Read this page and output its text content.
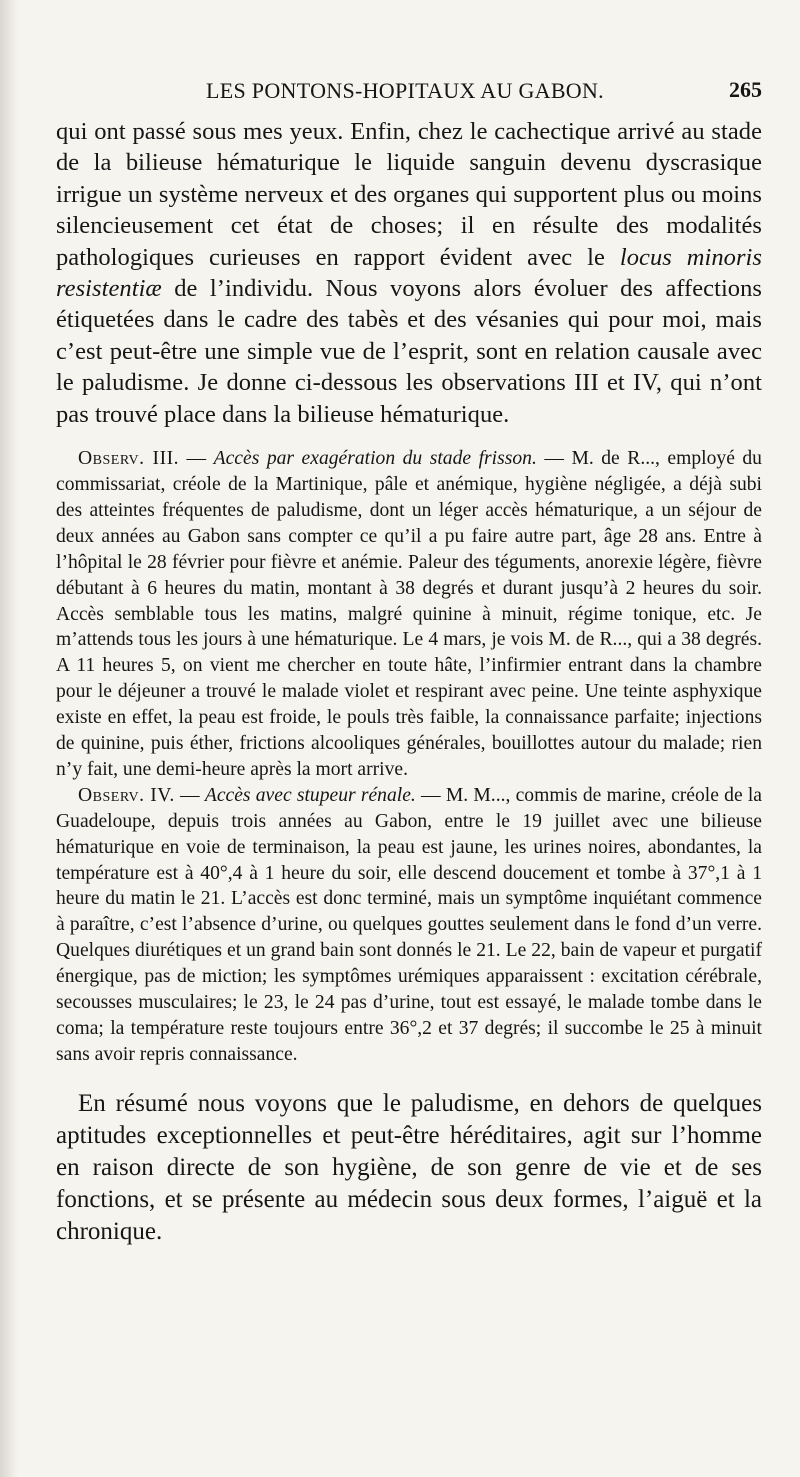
LES PONTONS-HOPITAUX AU GABON.	265

qui ont passé sous mes yeux. Enfin, chez le cachectique arrivé au stade de la bilieuse hématurique le liquide sanguin devenu dyscrasique irrigue un système nerveux et des organes qui supportent plus ou moins silencieusement cet état de choses; il en résulte des modalités pathologiques curieuses en rapport évident avec le locus minoris resistentiæ de l’individu. Nous voyons alors évoluer des affections étiquetées dans le cadre des tabès et des vésanies qui pour moi, mais c’est peut-être une simple vue de l’esprit, sont en relation causale avec le paludisme. Je donne ci-dessous les observations III et IV, qui n’ont pas trouvé place dans la bilieuse hématurique.

Observ. III. — Accès par exagération du stade frisson. — M. de R..., employé du commissariat, créole de la Martinique, pâle et anémique, hygiène négligée, a déjà subi des atteintes fréquentes de paludisme, dont un léger accès hématurique, a un séjour de deux années au Gabon sans compter ce qu’il a pu faire autre part, âge 28 ans. Entre à l’hôpital le 28 février pour fièvre et anémie. Paleur des téguments, anorexie légère, fièvre débutant à 6 heures du matin, montant à 38 degrés et durant jusqu’à 2 heures du soir. Accès semblable tous les matins, malgré quinine à minuit, régime tonique, etc. Je m’attends tous les jours à une hématurique. Le 4 mars, je vois M. de R..., qui a 38 degrés. A 11 heures 5, on vient me chercher en toute hâte, l’infirmier entrant dans la chambre pour le déjeuner a trouvé le malade violet et respirant avec peine. Une teinte asphyxique existe en effet, la peau est froide, le pouls très faible, la connaissance parfaite; injections de quinine, puis éther, frictions alcooliques générales, bouillottes autour du malade; rien n’y fait, une demi-heure après la mort arrive.

Observ. IV. — Accès avec stupeur rénale. — M. M..., commis de marine, créole de la Guadeloupe, depuis trois années au Gabon, entre le 19 juillet avec une bilieuse hématurique en voie de terminaison, la peau est jaune, les urines noires, abondantes, la température est à 40°,4 à 1 heure du soir, elle descend doucement et tombe à 37°,1 à 1 heure du matin le 21. L’accès est donc terminé, mais un symptôme inquiétant commence à paraître, c’est l’absence d’urine, ou quelques gouttes seulement dans le fond d’un verre. Quelques diurétiques et un grand bain sont donnés le 21. Le 22, bain de vapeur et purgatif énergique, pas de miction; les symptômes urémiques apparaissent : excitation cérébrale, secousses musculaires; le 23, le 24 pas d’urine, tout est essayé, le malade tombe dans le coma; la température reste toujours entre 36°,2 et 37 degrés; il succombe le 25 à minuit sans avoir repris connaissance.

En résumé nous voyons que le paludisme, en dehors de quelques aptitudes exceptionnelles et peut-être héréditaires, agit sur l’homme en raison directe de son hygiène, de son genre de vie et de ses fonctions, et se présente au médecin sous deux formes, l’aiguë et la chronique.
